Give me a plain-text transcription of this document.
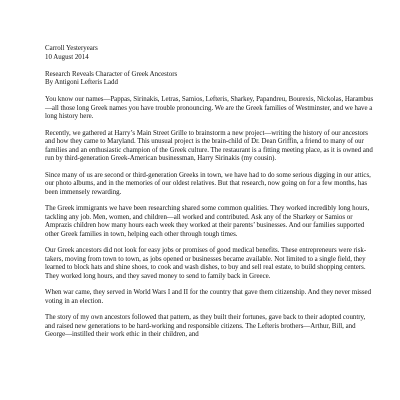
Carroll Yesteryears
10 August 2014
Research Reveals Character of Greek Ancestors
By Antigoni Lefteris Ladd

You know our names—Pappas, Sirinakis, Letras, Samios, Lefteris, Sharkey, Papandreu, Bourexis, Nickolas, Harambus—all those long Greek names you have trouble pronouncing. We are the Greek families of Westminster, and we have a long history here.

Recently, we gathered at Harry’s Main Street Grille to brainstorm a new project—writing the history of our ancestors and how they came to Maryland. This unusual project is the brain-child of Dr. Dean Griffin, a friend to many of our families and an enthusiastic champion of the Greek culture. The restaurant is a fitting meeting place, as it is owned and run by third-generation Greek-American businessman, Harry Sirinakis (my cousin).

Since many of us are second or third-generation Greeks in town, we have had to do some serious digging in our attics, our photo albums, and in the memories of our oldest relatives. But that research, now going on for a few months, has been immensely rewarding.

The Greek immigrants we have been researching shared some common qualities. They worked incredibly long hours, tackling any job. Men, women, and children—all worked and contributed. Ask any of the Sharkey or Samios or Amprazis children how many hours each week they worked at their parents’ businesses. And our families supported other Greek families in town, helping each other through tough times.

Our Greek ancestors did not look for easy jobs or promises of good medical benefits. These entrepreneurs were risk-takers, moving from town to town, as jobs opened or businesses became available. Not limited to a single field, they learned to block hats and shine shoes, to cook and wash dishes, to buy and sell real estate, to build shopping centers. They worked long hours, and they saved money to send to family back in Greece.

When war came, they served in World Wars I and II for the country that gave them citizenship. And they never missed voting in an election.

The story of my own ancestors followed that pattern, as they built their fortunes, gave back to their adopted country, and raised new generations to be hard-working and responsible citizens. The Lefteris brothers—Arthur, Bill, and George—instilled their work ethic in their children, and
